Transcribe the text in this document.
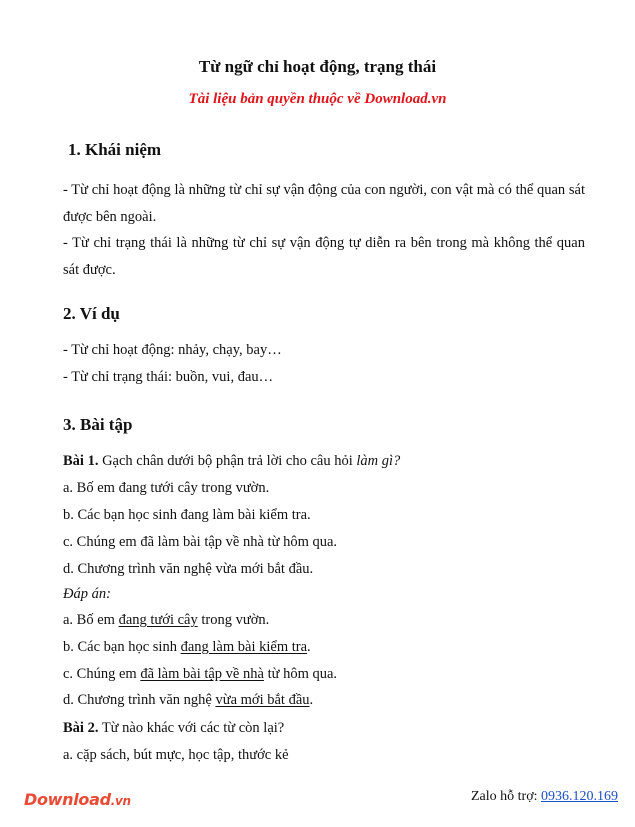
Từ ngữ chỉ hoạt động, trạng thái
Tài liệu bản quyền thuộc về Download.vn
1. Khái niệm
- Từ chỉ hoạt động là những từ chỉ sự vận động của con người, con vật mà có thể quan sát được bên ngoài.
- Từ chỉ trạng thái là những từ chỉ sự vận động tự diễn ra bên trong mà không thể quan sát được.
2. Ví dụ
- Từ chỉ hoạt động: nhảy, chạy, bay…
- Từ chỉ trạng thái: buồn, vui, đau…
3. Bài tập
Bài 1. Gạch chân dưới bộ phận trả lời cho câu hỏi làm gì?
a. Bố em đang tưới cây trong vườn.
b. Các bạn học sinh đang làm bài kiểm tra.
c. Chúng em đã làm bài tập về nhà từ hôm qua.
d. Chương trình văn nghệ vừa mới bắt đầu.
Đáp án:
a. Bố em đang tưới cây trong vườn.
b. Các bạn học sinh đang làm bài kiểm tra.
c. Chúng em đã làm bài tập về nhà từ hôm qua.
d. Chương trình văn nghệ vừa mới bắt đầu.
Bài 2. Từ nào khác với các từ còn lại?
a. cặp sách, bút mực, học tập, thước kẻ
Download.vn	Zalo hỗ trợ: 0936.120.169
